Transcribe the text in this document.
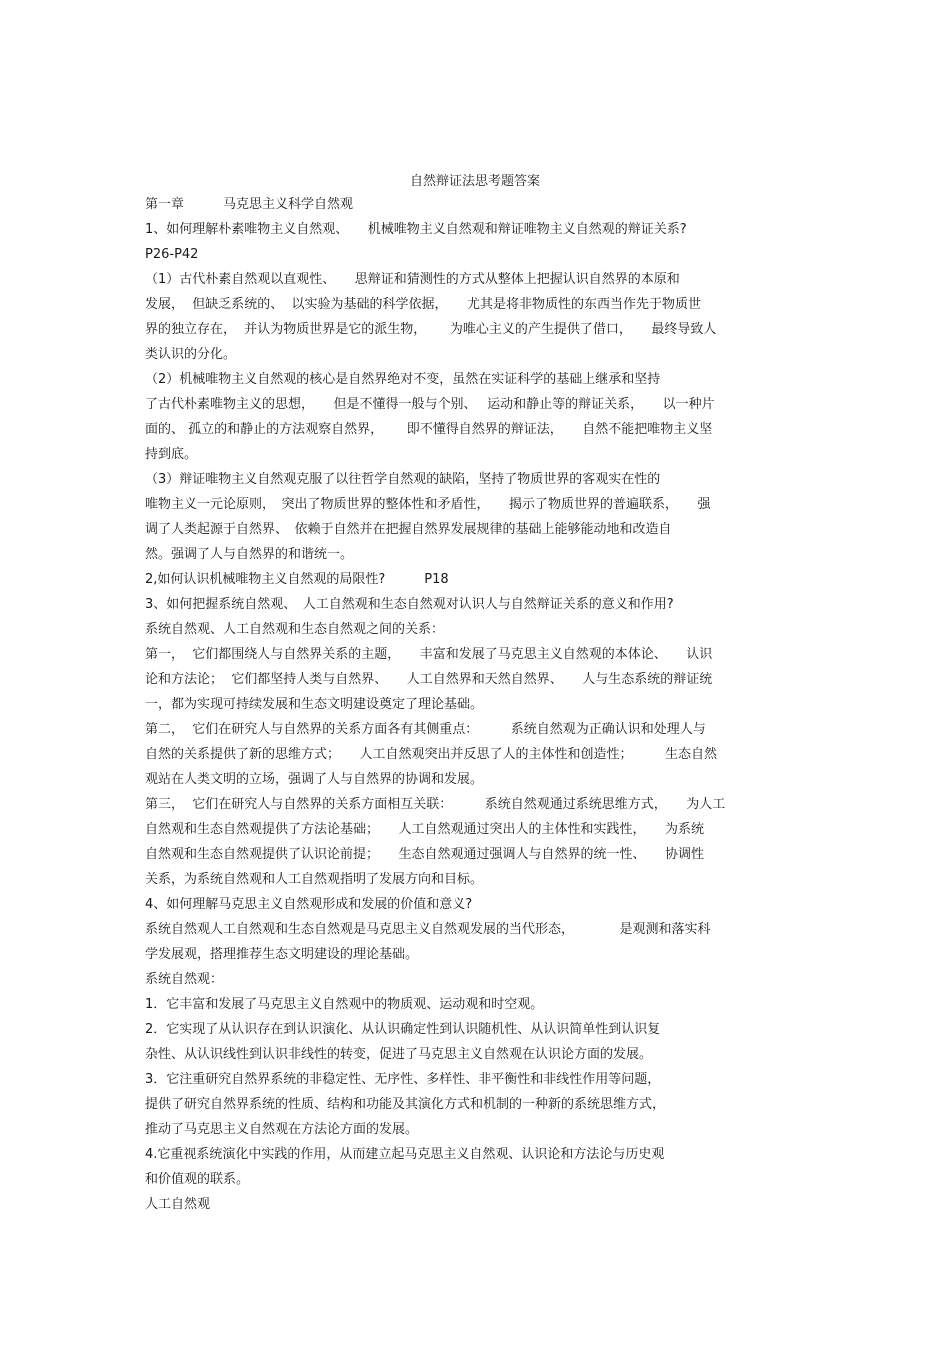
自然辩证法思考题答案
第一章　　　马克思主义科学自然观
1、如何理解朴素唯物主义自然观、　　机械唯物主义自然观和辩证唯物主义自然观的辩证关系?
P26-P42
（1）古代朴素自然观以直观性、　　思辩证和猜测性的方式从整体上把握认识自然界的本原和
发展，  但缺乏系统的、  以实验为基础的科学依据，　　尤其是将非物质性的东西当作先于物质世
界的独立存在，  并认为物质世界是它的派生物，　　 为唯心主义的产生提供了借口，　　最终导致人
类认识的分化。
（2）机械唯物主义自然观的核心是自然界绝对不变，虽然在实证科学的基础上继承和坚持
了古代朴素唯物主义的思想，　　但是不懂得一般与个别、　 运动和静止等的辩证关系，　　以一种片
面的、 孤立的和静止的方法观察自然界，　　 即不懂得自然界的辩证法，　　自然不能把唯物主义坚
持到底。
（3）辩证唯物主义自然观克服了以往哲学自然观的缺陷，坚持了物质世界的客观实在性的
唯物主义一元论原则，　突出了物质世界的整体性和矛盾性，　　揭示了物质世界的普遍联系，　　强
调了人类起源于自然界、　依赖于自然并在把握自然界发展规律的基础上能够能动地和改造自
然。强调了人与自然界的和谐统一。
2,如何认识机械唯物主义自然观的局限性?　　　P18
3、如何把握系统自然观、　人工自然观和生态自然观对认识人与自然辩证关系的意义和作用?
系统自然观、人工自然观和生态自然观之间的关系：
第一，  它们都围绕人与自然界关系的主题，　　丰富和发展了马克思主义自然观的本体论、　　认识
论和方法论；  它们都坚持人类与自然界、　　人工自然界和天然自然界、　　人与生态系统的辩证统
一，都为实现可持续发展和生态文明建设奠定了理论基础。
第二，  它们在研究人与自然界的关系方面各有其侧重点：　　　系统自然观为正确认识和处理人与
自然的关系提供了新的思维方式；　　人工自然观突出并反思了人的主体性和创造性；　　　生态自然
观站在人类文明的立场，强调了人与自然界的协调和发展。
第三，  它们在研究人与自然界的关系方面相互关联：　　　系统自然观通过系统思维方式，　　为人工
自然观和生态自然观提供了方法论基础；　　人工自然观通过突出人的主体性和实践性，　　为系统
自然观和生态自然观提供了认识论前提；　　生态自然观通过强调人与自然界的统一性、　　协调性
关系，为系统自然观和人工自然观指明了发展方向和目标。
4、如何理解马克思主义自然观形成和发展的价值和意义?
系统自然观人工自然观和生态自然观是马克思主义自然观发展的当代形态，　　　　是观测和落实科
学发展观，搭理推荐生态文明建设的理论基础。
系统自然观：
1．它丰富和发展了马克思主义自然观中的物质观、运动观和时空观。
2．它实现了从认识存在到认识演化、从认识确定性到认识随机性、从认识简单性到认识复
杂性、从认识线性到认识非线性的转变，促进了马克思主义自然观在认识论方面的发展。
3．它注重研究自然界系统的非稳定性、无序性、多样性、非平衡性和非线性作用等问题，
提供了研究自然界系统的性质、结构和功能及其演化方式和机制的一种新的系统思维方式，
推动了马克思主义自然观在方法论方面的发展。
4.它重视系统演化中实践的作用，从而建立起马克思主义自然观、认识论和方法论与历史观
和价值观的联系。
人工自然观
